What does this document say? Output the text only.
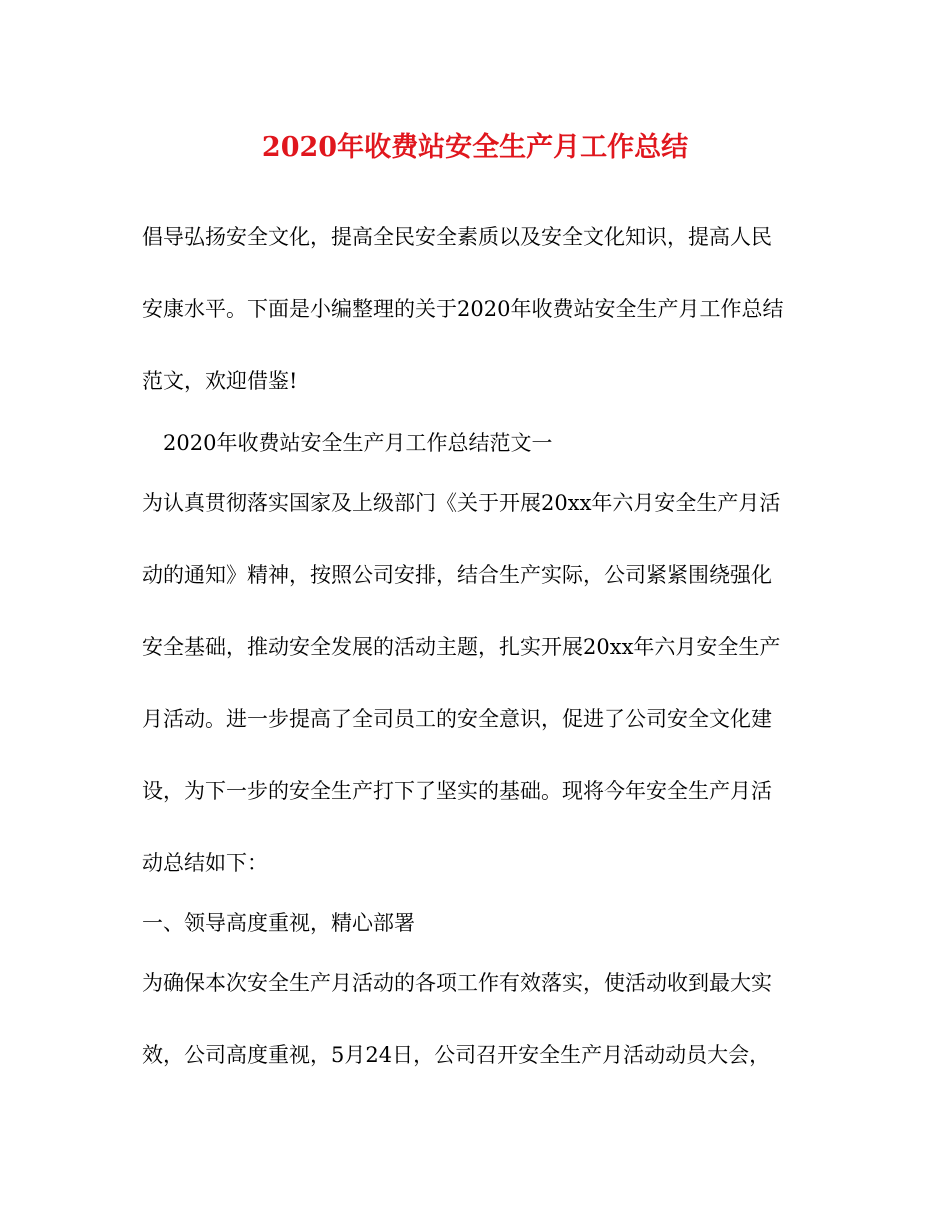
2020年收费站安全生产月工作总结
倡导弘扬安全文化，提高全民安全素质以及安全文化知识，提高人民
安康水平。下面是小编整理的关于2020年收费站安全生产月工作总结
范文，欢迎借鉴!
2020年收费站安全生产月工作总结范文一
为认真贯彻落实国家及上级部门《关于开展20xx年六月安全生产月活
动的通知》精神，按照公司安排，结合生产实际，公司紧紧围绕强化
安全基础，推动安全发展的活动主题，扎实开展20xx年六月安全生产
月活动。进一步提高了全司员工的安全意识，促进了公司安全文化建
设，为下一步的安全生产打下了坚实的基础。现将今年安全生产月活
动总结如下：
一、领导高度重视，精心部署
为确保本次安全生产月活动的各项工作有效落实，使活动收到最大实
效，公司高度重视，5月24日，公司召开安全生产月活动动员大会，
